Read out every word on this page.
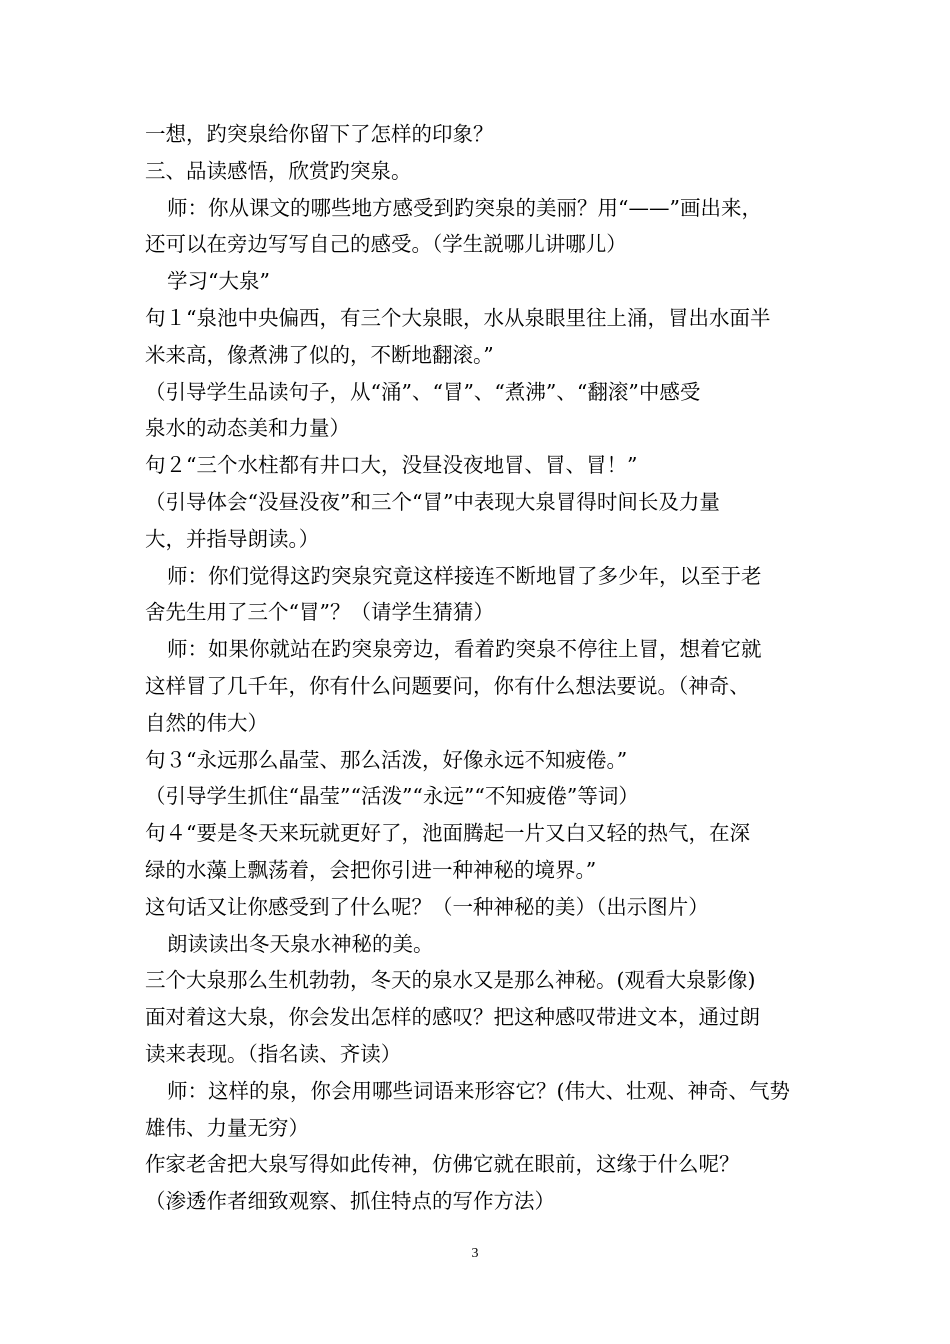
一想，趵突泉给你留下了怎样的印象？
三、品读感悟，欣赏趵突泉。
师：你从课文的哪些地方感受到趵突泉的美丽？用“——”画出来，
还可以在旁边写写自己的感受。（学生説哪儿讲哪儿）
学习“大泉”
句１“泉池中央偏西，有三个大泉眼，水从泉眼里往上涌，冒出水面半
米来高，像煮沸了似的，不断地翻滚。”
（引导学生品读句子，从“涌”、“冒”、“煮沸”、“翻滚”中感受
泉水的动态美和力量）
句２“三个水柱都有井口大，没昼没夜地冒、冒、冒！”
（引导体会“没昼没夜”和三个“冒”中表现大泉冒得时间长及力量
大，并指导朗读。）
师：你们觉得这趵突泉究竟这样接连不断地冒了多少年，以至于老
舍先生用了三个“冒”？（请学生猜猜）
师：如果你就站在趵突泉旁边，看着趵突泉不停往上冒，想着它就
这样冒了几千年，你有什么问题要问，你有什么想法要说。（神奇、
自然的伟大）
句３“永远那么晶莹、那么活泼，好像永远不知疲倦。”
（引导学生抓住“晶莹”“活泼”“永远”“不知疲倦”等词）
句４“要是冬天来玩就更好了，池面腾起一片又白又轻的热气，在深
绿的水藻上飘荡着，会把你引进一种神秘的境界。”
这句话又让你感受到了什么呢？（一种神秘的美）（出示图片）
朗读读出冬天泉水神秘的美。
三个大泉那么生机勃勃，冬天的泉水又是那么神秘。(观看大泉影像)
面对着这大泉，你会发出怎样的感叹？把这种感叹带进文本，通过朗
读来表现。（指名读、齐读）
师：这样的泉，你会用哪些词语来形容它？(伟大、壮观、神奇、气势
雄伟、力量无穷）
作家老舍把大泉写得如此传神，仿佛它就在眼前，这缘于什么呢？
（渗透作者细致观察、抓住特点的写作方法）
3
